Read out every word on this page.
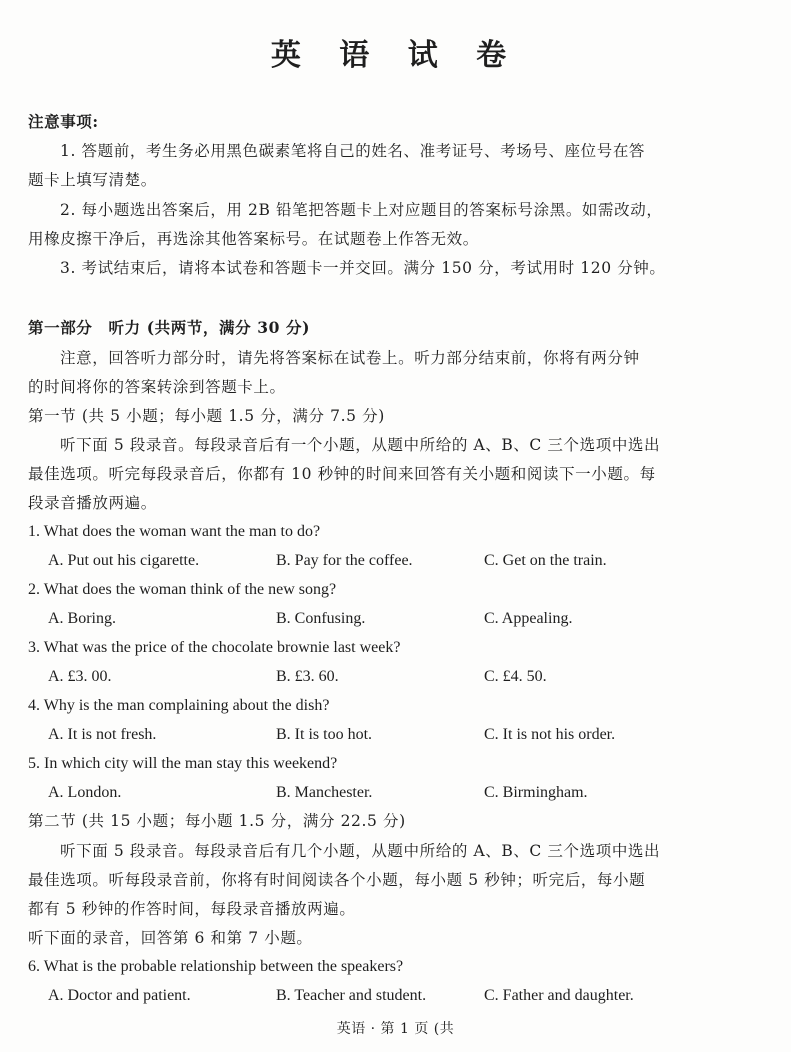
英 语 试 卷
注意事项:
1. 答题前，考生务必用黑色碳素笔将自己的姓名、准考证号、考场号、座位号在答
题卡上填写清楚。
2. 每小题选出答案后，用 2B 铅笔把答题卡上对应题目的答案标号涂黑。如需改动，
用橡皮擦干净后，再选涂其他答案标号。在试题卷上作答无效。
3. 考试结束后，请将本试卷和答题卡一并交回。满分 150 分，考试用时 120 分钟。
第一部分　听力 (共两节，满分 30 分)
注意，回答听力部分时，请先将答案标在试卷上。听力部分结束前，你将有两分钟
的时间将你的答案转涂到答题卡上。
第一节 (共 5 小题；每小题 1.5 分，满分 7.5 分)
听下面 5 段录音。每段录音后有一个小题，从题中所给的 A、B、C 三个选项中选出
最佳选项。听完每段录音后，你都有 10 秒钟的时间来回答有关小题和阅读下一小题。每
段录音播放两遍。
1. What does the woman want the man to do?
A. Put out his cigarette.	B. Pay for the coffee.	C. Get on the train.
2. What does the woman think of the new song?
A. Boring.	B. Confusing.	C. Appealing.
3. What was the price of the chocolate brownie last week?
A. £3. 00.	B. £3. 60.	C. £4. 50.
4. Why is the man complaining about the dish?
A. It is not fresh.	B. It is too hot.	C. It is not his order.
5. In which city will the man stay this weekend?
A. London.	B. Manchester.	C. Birmingham.
第二节 (共 15 小题；每小题 1.5 分，满分 22.5 分)
听下面 5 段录音。每段录音后有几个小题，从题中所给的 A、B、C 三个选项中选出
最佳选项。听每段录音前，你将有时间阅读各个小题，每小题 5 秒钟；听完后，每小题
都有 5 秒钟的作答时间，每段录音播放两遍。
听下面的录音，回答第 6 和第 7 小题。
6. What is the probable relationship between the speakers?
A. Doctor and patient.	B. Teacher and student.	C. Father and daughter.
英语 · 第 1 页 (共
